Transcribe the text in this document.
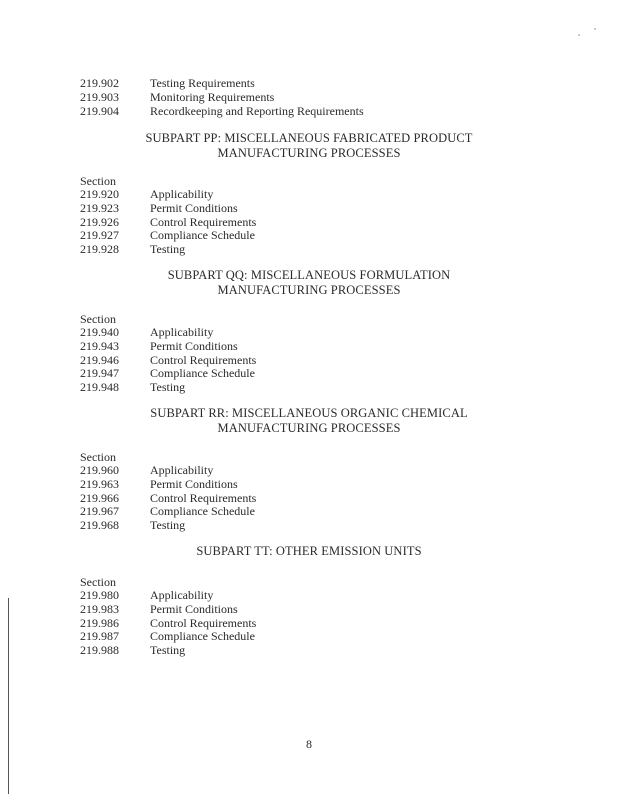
219.902	Testing Requirements
219.903	Monitoring Requirements
219.904	Recordkeeping and Reporting Requirements
SUBPART PP: MISCELLANEOUS FABRICATED PRODUCT
MANUFACTURING PROCESSES
Section
219.920	Applicability
219.923	Permit Conditions
219.926	Control Requirements
219.927	Compliance Schedule
219.928	Testing
SUBPART QQ: MISCELLANEOUS FORMULATION
MANUFACTURING PROCESSES
Section
219.940	Applicability
219.943	Permit Conditions
219.946	Control Requirements
219.947	Compliance Schedule
219.948	Testing
SUBPART RR: MISCELLANEOUS ORGANIC CHEMICAL
MANUFACTURING PROCESSES
Section
219.960	Applicability
219.963	Permit Conditions
219.966	Control Requirements
219.967	Compliance Schedule
219.968	Testing
SUBPART TT: OTHER EMISSION UNITS
Section
219.980	Applicability
219.983	Permit Conditions
219.986	Control Requirements
219.987	Compliance Schedule
219.988	Testing
8
